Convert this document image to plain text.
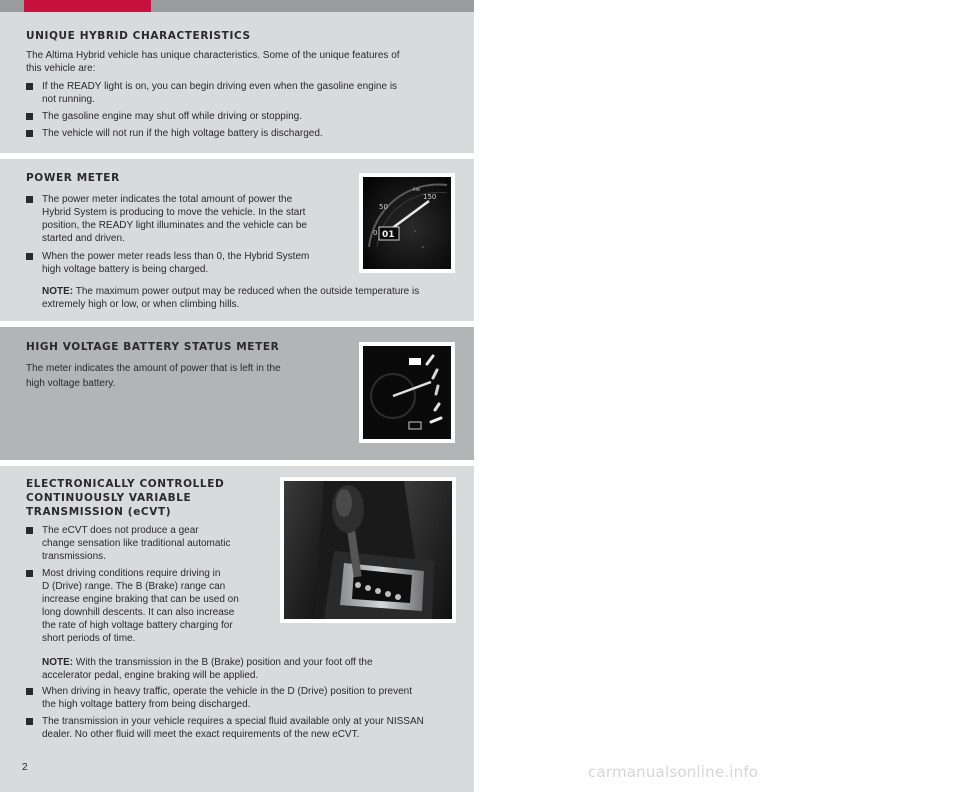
UNIQUE HYBRID CHARACTERISTICS

The Altima Hybrid vehicle has unique characteristics. Some of the unique features of

this vehicle are:

If the READY light is on, you can begin driving even when the gasoline engine is
not running.
The gasoline engine may shut off while driving or stopping.
The vehicle will not run if the high voltage battery is discharged.
POWER METER
The power meter indicates the total amount of power the
Hybrid System is producing to move the vehicle. In the start
position, the READY light illuminates and the vehicle can be
started and driven.
When the power meter reads less than 0, the Hybrid System
high voltage battery is being charged.
NOTE: The maximum power output may be reduced when the outside temperature is
extremely high or low, or when climbing hills.
kw
50
150
0 01
HIGH VOLTAGE BATTERY STATUS METER

The meter indicates the amount of power that is left in the

high voltage battery.

ELECTRONICALLY CONTROLLED
CONTINUOUSLY VARIABLE
TRANSMISSION (eCVT)
The eCVT does not produce a gear
change sensation like traditional automatic
transmissions.
Most driving conditions require driving in
D (Drive) range. The B (Brake) range can
increase engine braking that can be used on
long downhill descents. It can also increase
the rate of high voltage battery charging for
short periods of time.
NOTE: With the transmission in the B (Brake) position and your foot off the
accelerator pedal, engine braking will be applied.
When driving in heavy traffic, operate the vehicle in the D (Drive) position to prevent
the high voltage battery from being discharged.
The transmission in your vehicle requires a special fluid available only at your NISSAN
dealer. No other fluid will meet the exact requirements of the new eCVT.
2	carmanualsonline.info
